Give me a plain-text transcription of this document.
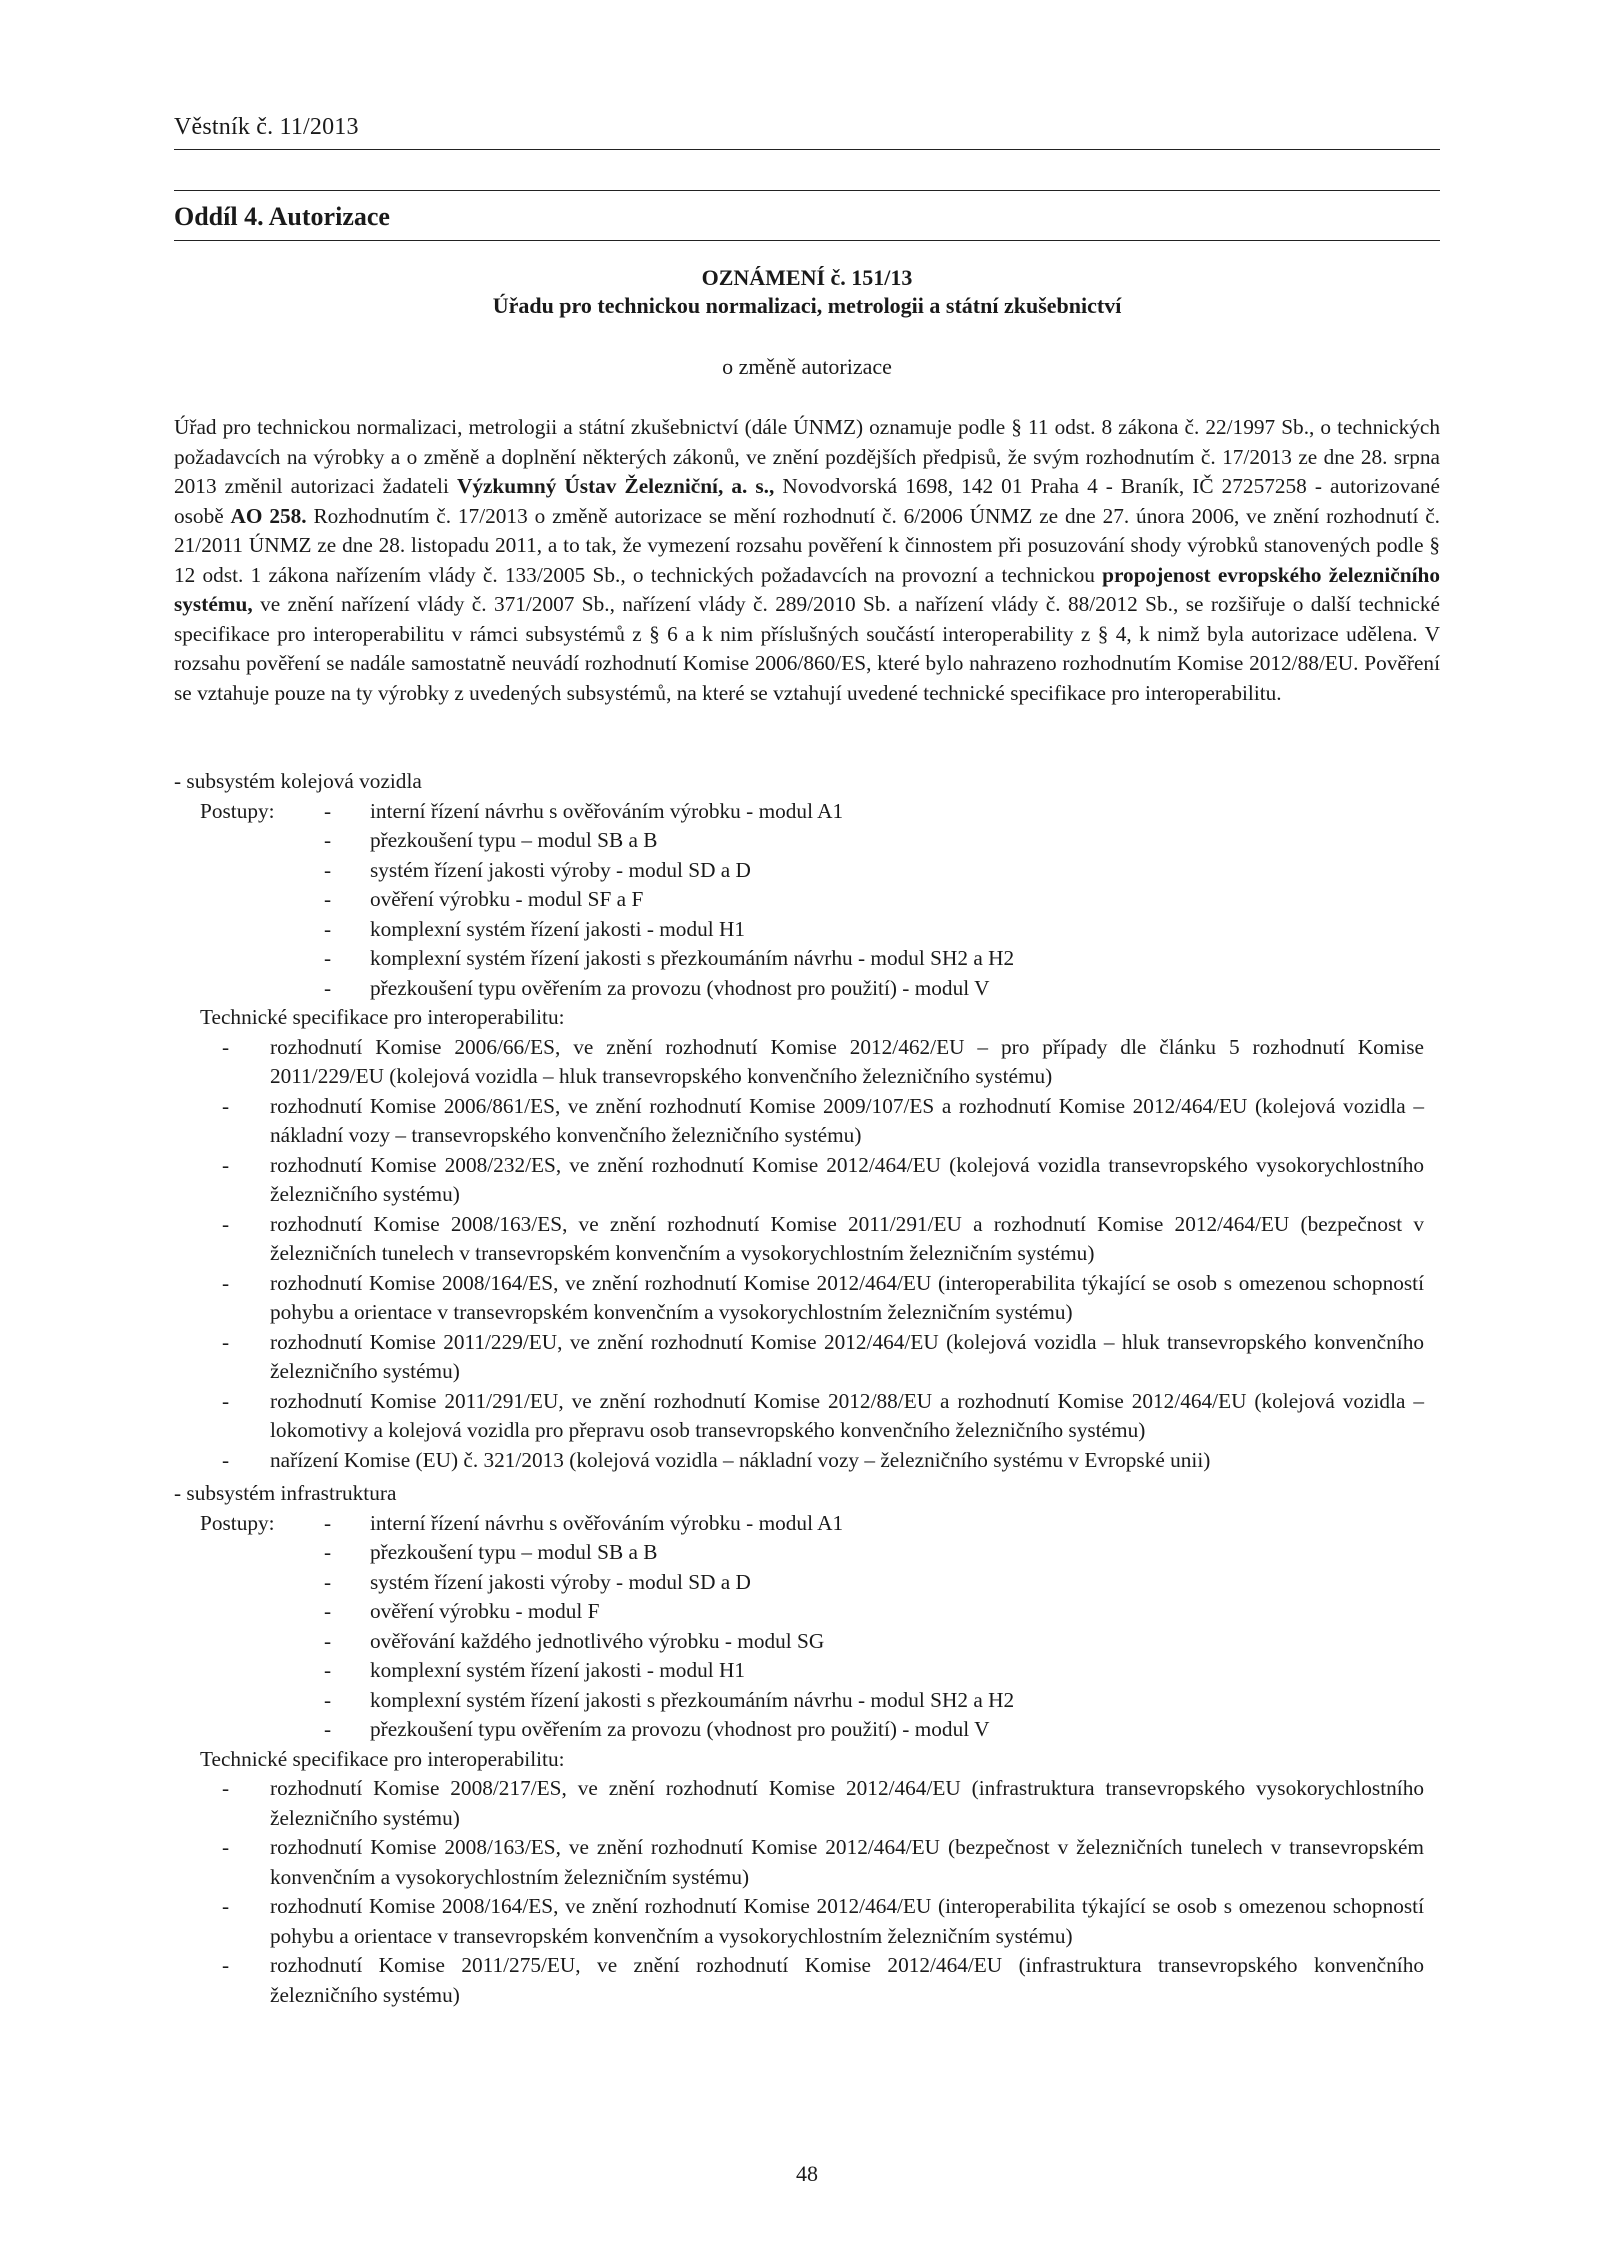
Věstník č. 11/2013
Oddíl 4. Autorizace
OZNÁMENÍ č. 151/13
Úřadu pro technickou normalizaci, metrologii a státní zkušebnictví
o změně autorizace
Úřad pro technickou normalizaci, metrologii a státní zkušebnictví (dále ÚNMZ) oznamuje podle § 11 odst. 8 zákona č. 22/1997 Sb., o technických požadavcích na výrobky a o změně a doplnění některých zákonů, ve znění pozdějších předpisů, že svým rozhodnutím č. 17/2013 ze dne 28. srpna 2013 změnil autorizaci žadateli Výzkumný Ústav Železniční, a. s., Novodvorská 1698, 142 01 Praha 4 - Braník, IČ 27257258 - autorizované osobě AO 258. Rozhodnutím č. 17/2013 o změně autorizace se mění rozhodnutí č. 6/2006 ÚNMZ ze dne 27. února 2006, ve znění rozhodnutí č. 21/2011 ÚNMZ ze dne 28. listopadu 2011, a to tak, že vymezení rozsahu pověření k činnostem při posuzování shody výrobků stanovených podle § 12 odst. 1 zákona nařízením vlády č. 133/2005 Sb., o technických požadavcích na provozní a technickou propojenost evropského železničního systému, ve znění nařízení vlády č. 371/2007 Sb., nařízení vlády č. 289/2010 Sb. a nařízení vlády č. 88/2012 Sb., se rozšiřuje o další technické specifikace pro interoperabilitu v rámci subsystémů z § 6 a k nim příslušných součástí interoperability z § 4, k nimž byla autorizace udělena. V rozsahu pověření se nadále samostatně neuvádí rozhodnutí Komise 2006/860/ES, které bylo nahrazeno rozhodnutím Komise 2012/88/EU. Pověření se vztahuje pouze na ty výrobky z uvedených subsystémů, na které se vztahují uvedené technické specifikace pro interoperabilitu.
- subsystém kolejová vozidla
Postupy:	-	interní řízení návrhu s ověřováním výrobku - modul A1
-	přezkoušení typu – modul SB a B
-	systém řízení jakosti výroby - modul SD a D
-	ověření výrobku - modul SF a F
-	komplexní systém řízení jakosti - modul H1
-	komplexní systém řízení jakosti s přezkoumáním návrhu - modul SH2 a H2
-	přezkoušení typu ověřením za provozu (vhodnost pro použití) - modul V
Technické specifikace pro interoperabilitu:
-	rozhodnutí Komise 2006/66/ES, ve znění rozhodnutí Komise 2012/462/EU – pro případy dle článku 5 rozhodnutí Komise 2011/229/EU (kolejová vozidla – hluk transevropského konvenčního železničního systému)
-	rozhodnutí Komise 2006/861/ES, ve znění rozhodnutí Komise 2009/107/ES a rozhodnutí Komise 2012/464/EU (kolejová vozidla – nákladní vozy – transevropského konvenčního železničního systému)
-	rozhodnutí Komise 2008/232/ES, ve znění rozhodnutí Komise 2012/464/EU (kolejová vozidla transevropského vysokorychlostního železničního systému)
-	rozhodnutí Komise 2008/163/ES, ve znění rozhodnutí Komise 2011/291/EU a rozhodnutí Komise 2012/464/EU (bezpečnost v železničních tunelech v transevropském konvenčním a vysokorychlostním železničním systému)
-	rozhodnutí Komise 2008/164/ES, ve znění rozhodnutí Komise 2012/464/EU (interoperabilita týkající se osob s omezenou schopností pohybu a orientace v transevropském konvenčním a vysokorychlostním železničním systému)
-	rozhodnutí Komise 2011/229/EU, ve znění rozhodnutí Komise 2012/464/EU (kolejová vozidla – hluk transevropského konvenčního železničního systému)
-	rozhodnutí Komise 2011/291/EU, ve znění rozhodnutí Komise 2012/88/EU a rozhodnutí Komise 2012/464/EU (kolejová vozidla – lokomotivy a kolejová vozidla pro přepravu osob transevropského konvenčního železničního systému)
-	nařízení Komise (EU) č. 321/2013 (kolejová vozidla – nákladní vozy – železničního systému v Evropské unii)
- subsystém infrastruktura
Postupy:	-	interní řízení návrhu s ověřováním výrobku - modul A1
-	přezkoušení typu – modul SB a B
-	systém řízení jakosti výroby - modul SD a D
-	ověření výrobku - modul F
-	ověřování každého jednotlivého výrobku - modul SG
-	komplexní systém řízení jakosti - modul H1
-	komplexní systém řízení jakosti s přezkoumáním návrhu - modul SH2 a H2
-	přezkoušení typu ověřením za provozu (vhodnost pro použití) - modul V
Technické specifikace pro interoperabilitu:
-	rozhodnutí Komise 2008/217/ES, ve znění rozhodnutí Komise 2012/464/EU (infrastruktura transevropského vysokorychlostního železničního systému)
-	rozhodnutí Komise 2008/163/ES, ve znění rozhodnutí Komise 2012/464/EU (bezpečnost v železničních tunelech v transevropském konvenčním a vysokorychlostním železničním systému)
-	rozhodnutí Komise 2008/164/ES, ve znění rozhodnutí Komise 2012/464/EU (interoperabilita týkající se osob s omezenou schopností pohybu a orientace v transevropském konvenčním a vysokorychlostním železničním systému)
-	rozhodnutí Komise 2011/275/EU, ve znění rozhodnutí Komise 2012/464/EU (infrastruktura transevropského konvenčního železničního systému)
48
